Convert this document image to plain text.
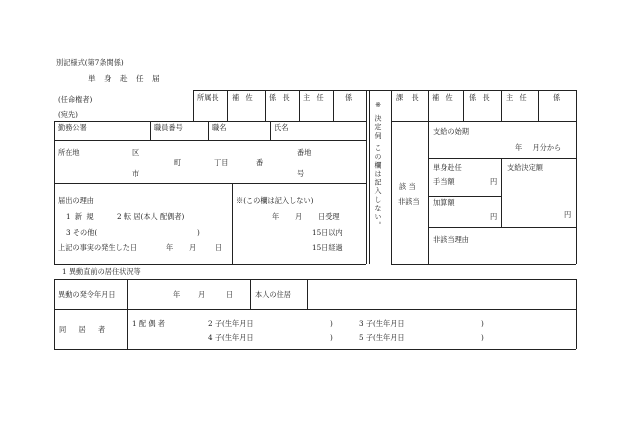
別記様式(第7条関係)
単 身 赴 任 届
(任命権者)
(宛先)
所属長 補 佐 係 長 主 任	係
※ 決定伺 この欄は記入しない。
課 長 補 佐 係 長 主 任	係
勤務公署	職員番号	職名	氏名
所在地	区	番地
町	丁目	番
市	号
届出の理由
1 新 規	2 転 居(本人 配偶者)
3 その他(	)
上記の事実の発生した日	年 月	日
※(この欄は記入しない)
年 月 日受理
15日以内
15日経過
該 当
非該当
支給の始期
年 月分から
単身赴任
手当額	円
加算額
円
支給決定額
円
非該当理由
1 異動直前の居住状況等
異動の発令年月日	年 月	日	本人の住居
同 居 者
1 配 偶 者	2 子(生年月日	)	3 子(生年月日	)
4 子(生年月日	)	5 子(生年月日	)
